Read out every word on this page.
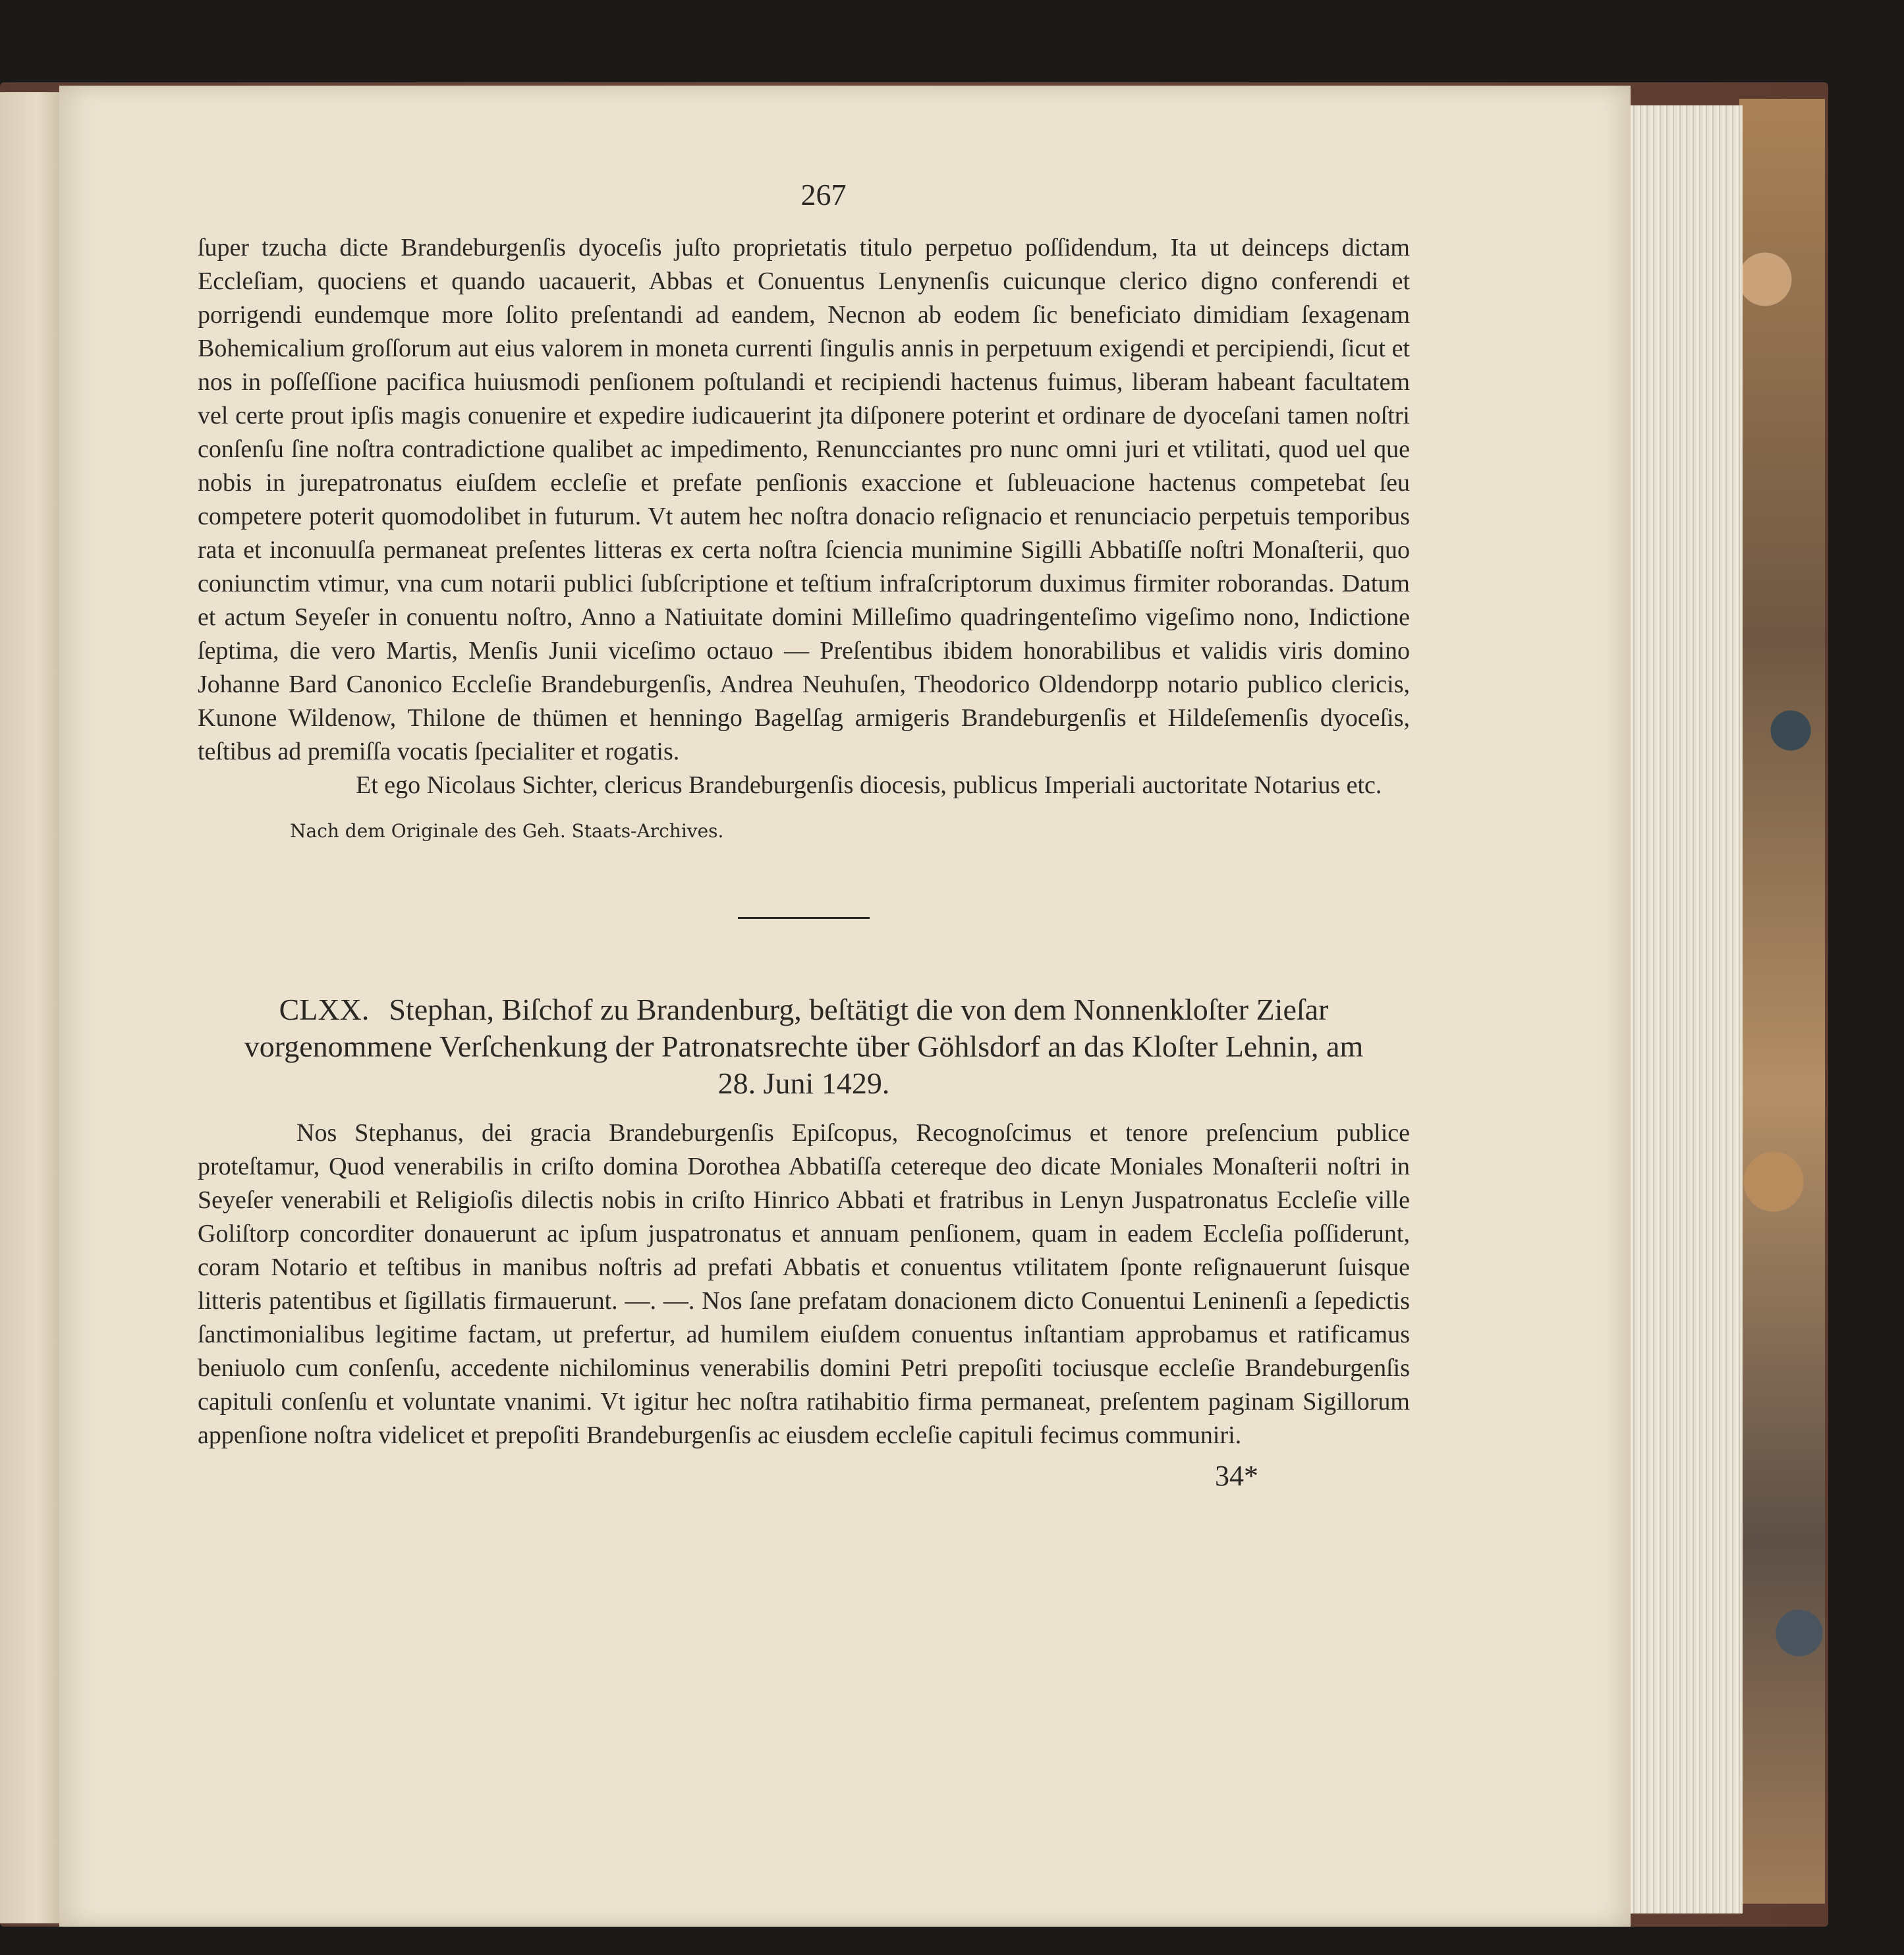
267

ſuper tzucha dicte Brandeburgenſis dyoceſis juſto proprietatis titulo perpetuo poſſidendum, Ita ut deinceps dictam Eccleſiam, quociens et quando uacauerit, Abbas et Conuentus Lenynenſis cuicunque clerico digno conferendi et porrigendi eundemque more ſolito preſentandi ad eandem, Necnon ab eodem ſic beneficiato dimidiam ſexagenam Bohemicalium groſſorum aut eius valorem in moneta currenti ſingulis annis in perpetuum exigendi et percipiendi, ſicut et nos in poſſeſſione pacifica huiusmodi penſionem poſtulandi et recipiendi hactenus fuimus, liberam habeant facultatem vel certe prout ipſis magis conuenire et expedire iudicauerint jta diſponere poterint et ordinare de dyoceſani tamen noſtri conſenſu ſine noſtra contradictione qualibet ac impedimento, Renuncciantes pro nunc omni juri et vtilitati, quod uel que nobis in jurepatronatus eiuſdem eccleſie et prefate penſionis exaccione et ſubleuacione hactenus competebat ſeu competere poterit quomodolibet in futurum. Vt autem hec noſtra donacio reſignacio et renunciacio perpetuis temporibus rata et inconuulſa permaneat preſentes litteras ex certa noſtra ſciencia munimine Sigilli Abbatiſſe noſtri Monaſterii, quo coniunctim vtimur, vna cum notarii publici ſubſcriptione et teſtium infraſcriptorum duximus firmiter roborandas. Datum et actum Seyeſer in conuentu noſtro, Anno a Natiuitate domini Milleſimo quadringenteſimo vigeſimo nono, Indictione ſeptima, die vero Martis, Menſis Junii viceſimo octauo — Preſentibus ibidem honorabilibus et validis viris domino Johanne Bard Canonico Eccleſie Brandeburgenſis, Andrea Neuhuſen, Theodorico Oldendorpp notario publico clericis, Kunone Wildenow, Thilone de thümen et henningo Bagelſag armigeris Brandeburgenſis et Hildeſemenſis dyoceſis, teſtibus ad premiſſa vocatis ſpecialiter et rogatis.

Et ego Nicolaus Sichter, clericus Brandeburgenſis diocesis, publicus Imperiali auctoritate Notarius etc.

Nach dem Originale des Geh. Staats-Archives.
CLXX. Stephan, Biſchof zu Brandenburg, beſtätigt die von dem Nonnenkloſter Zieſar vorgenommene Verſchenkung der Patronatsrechte über Göhlsdorf an das Kloſter Lehnin, am 28. Juni 1429.

Nos Stephanus, dei gracia Brandeburgenſis Epiſcopus, Recognoſcimus et tenore preſencium publice proteſtamur, Quod venerabilis in criſto domina Dorothea Abbatiſſa cetereque deo dicate Moniales Monaſterii noſtri in Seyeſer venerabili et Religioſis dilectis nobis in criſto Hinrico Abbati et fratribus in Lenyn Juspatronatus Eccleſie ville Goliſtorp concorditer donauerunt ac ipſum juspatronatus et annuam penſionem, quam in eadem Eccleſia poſſiderunt, coram Notario et teſtibus in manibus noſtris ad prefati Abbatis et conuentus vtilitatem ſponte reſignauerunt ſuisque litteris patentibus et ſigillatis firmauerunt. —. —. Nos ſane prefatam donacionem dicto Conuentui Leninenſi a ſepedictis ſanctimonialibus legitime factam, ut prefertur, ad humilem eiuſdem conuentus inſtantiam approbamus et ratificamus beniuolo cum conſenſu, accedente nichilominus venerabilis domini Petri prepoſiti tociusque eccleſie Brandeburgenſis capituli conſenſu et voluntate vnanimi. Vt igitur hec noſtra ratihabitio firma permaneat, preſentem paginam Sigillorum appenſione noſtra videlicet et prepoſiti Brandeburgenſis ac eiusdem eccleſie capituli fecimus communiri.

34*
